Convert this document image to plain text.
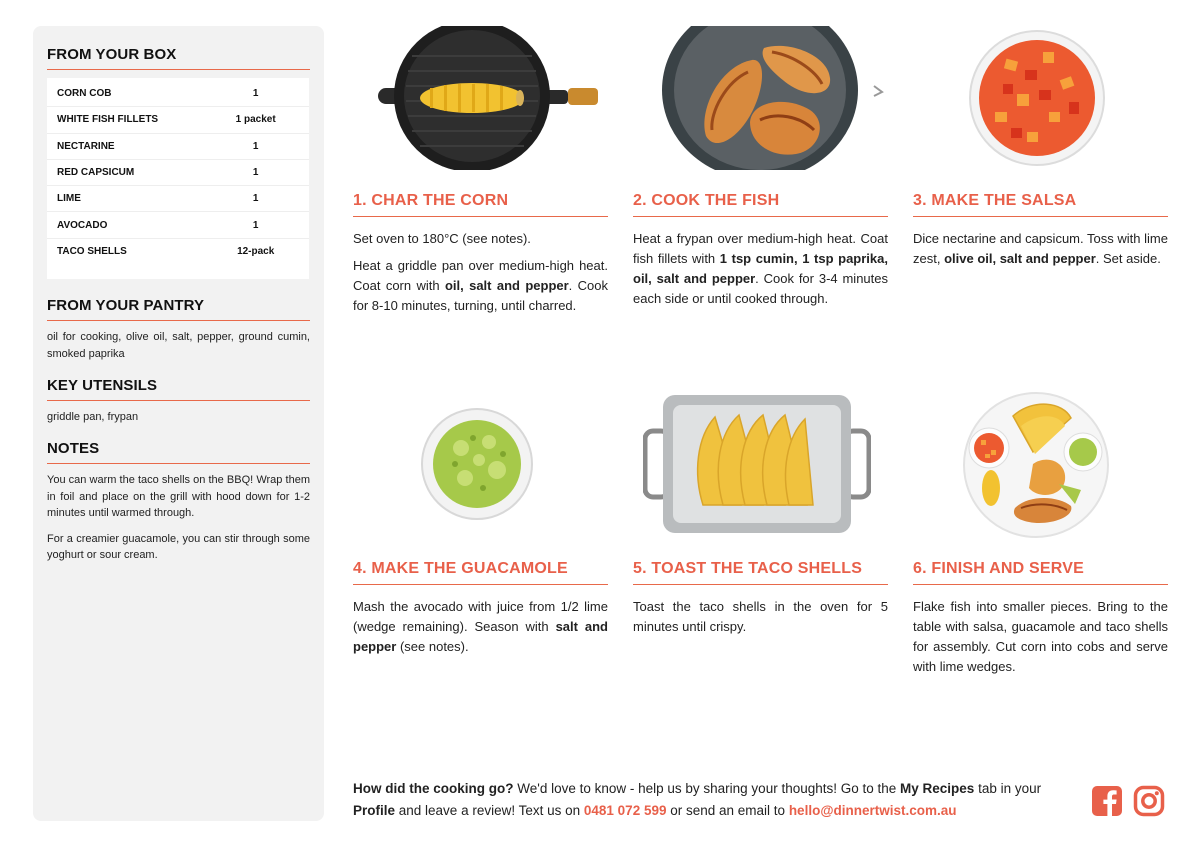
FROM YOUR BOX
CORN COB	1
WHITE FISH FILLETS	1 packet
NECTARINE	1
RED CAPSICUM	1
LIME	1
AVOCADO	1
TACO SHELLS	12-pack
FROM YOUR PANTRY
oil for cooking, olive oil, salt, pepper, ground cumin, smoked paprika
KEY UTENSILS
griddle pan, frypan
NOTES

You can warm the taco shells on the BBQ! Wrap them in foil and place on the grill with hood down for 1-2 minutes until warmed through.

For a creamier guacamole, you can stir through some yoghurt or sour cream.

1. CHAR THE CORN

Set oven to 180°C (see notes).

Heat a griddle pan over medium-high heat. Coat corn with oil, salt and pepper. Cook for 8-10 minutes, turning, until charred.

2. COOK THE FISH

Heat a frypan over medium-high heat. Coat fish fillets with 1 tsp cumin, 1 tsp paprika, oil, salt and pepper. Cook for 3-4 minutes each side or until cooked through.

3. MAKE THE SALSA

Dice nectarine and capsicum. Toss with lime zest, olive oil, salt and pepper. Set aside.

4. MAKE THE GUACAMOLE

Mash the avocado with juice from 1/2 lime (wedge remaining). Season with salt and pepper (see notes).

5. TOAST THE TACO SHELLS

Toast the taco shells in the oven for 5 minutes until crispy.

6. FINISH AND SERVE

Flake fish into smaller pieces. Bring to the table with salsa, guacamole and taco shells for assembly. Cut corn into cobs and serve with lime wedges.

How did the cooking go? We'd love to know - help us by sharing your thoughts! Go to the My Recipes tab in your Profile and leave a review! Text us on 0481 072 599 or send an email to hello@dinnertwist.com.au
